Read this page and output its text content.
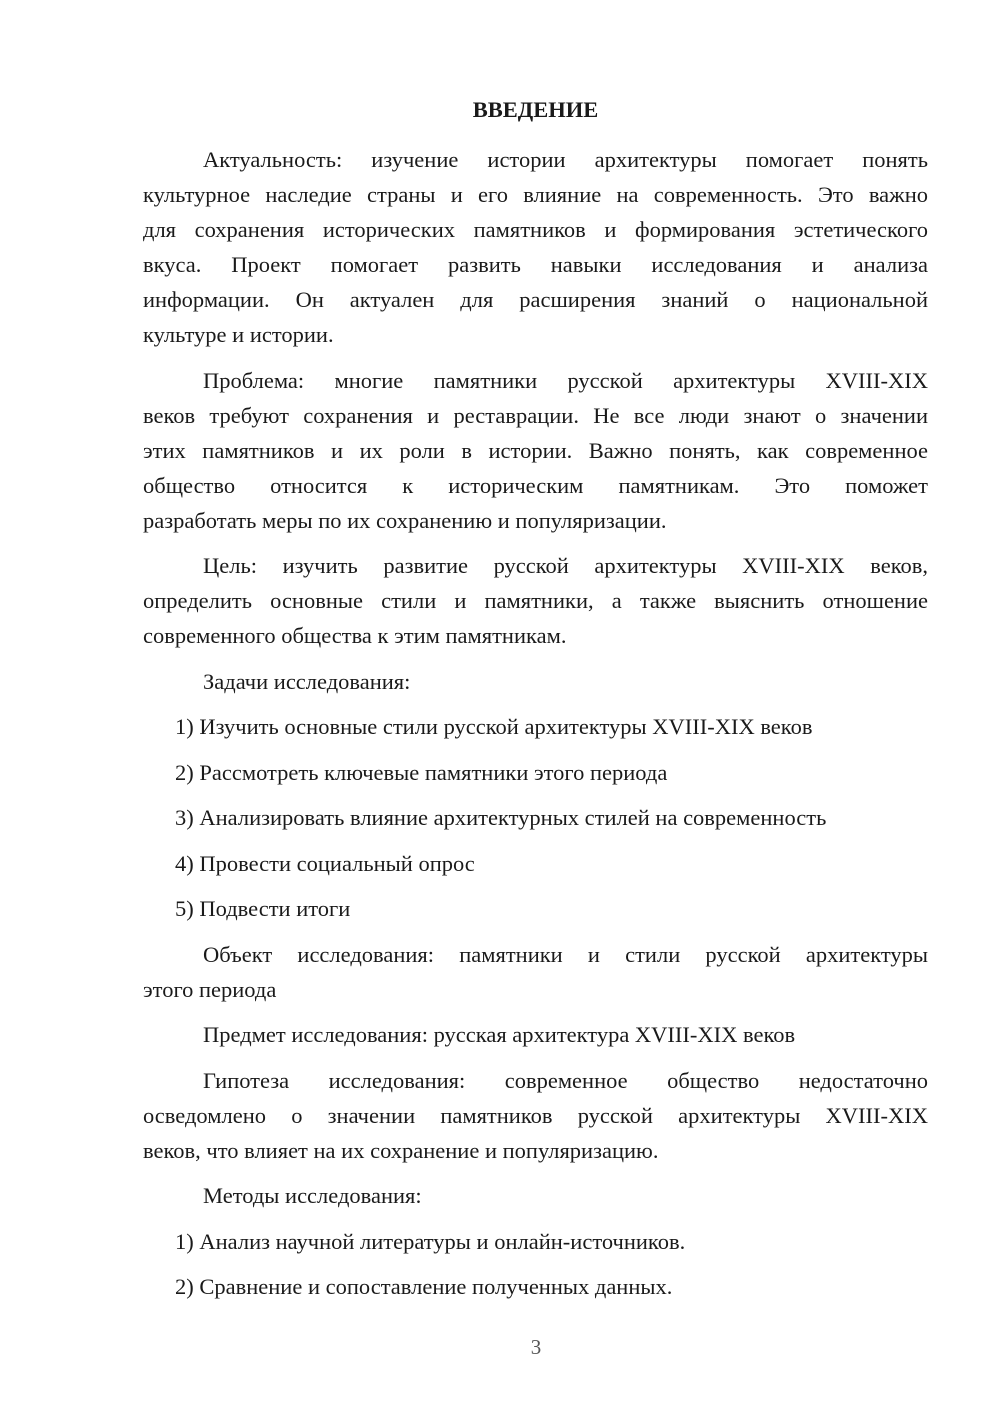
ВВЕДЕНИЕ
Актуальность: изучение истории архитектуры помогает понять
культурное наследие страны и его влияние на современность. Это важно
для сохранения исторических памятников и формирования эстетического
вкуса. Проект помогает развить навыки исследования и анализа
информации. Он актуален для расширения знаний о национальной
культуре и истории.
Проблема: многие памятники русской архитектуры XVIII-XIX
веков требуют сохранения и реставрации. Не все люди знают о значении
этих памятников и их роли в истории. Важно понять, как современное
общество относится к историческим памятникам. Это поможет
разработать меры по их сохранению и популяризации.
Цель: изучить развитие русской архитектуры XVIII-XIX веков,
определить основные стили и памятники, а также выяснить отношение
современного общества к этим памятникам.
Задачи исследования:
1) Изучить основные стили русской архитектуры XVIII-XIX веков
2) Рассмотреть ключевые памятники этого периода
3) Анализировать влияние архитектурных стилей на современность
4) Провести социальный опрос
5) Подвести итоги
Объект исследования: памятники и стили русской архитектуры
этого периода
Предмет исследования: русская архитектура XVIII-XIX веков
Гипотеза исследования: современное общество недостаточно
осведомлено о значении памятников русской архитектуры XVIII-XIX
веков, что влияет на их сохранение и популяризацию.
Методы исследования:
1) Анализ научной литературы и онлайн-источников.
2) Сравнение и сопоставление полученных данных.
3
